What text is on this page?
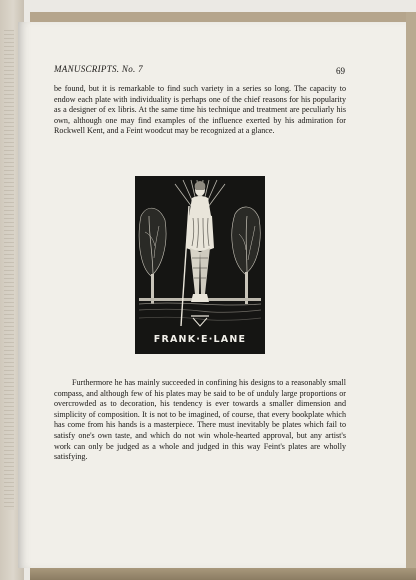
MANUSCRIPTS. No. 7	69

be found, but it is remarkable to find such variety in a series so long. The capacity to endow each plate with individuality is perhaps one of the chief reasons for his popularity as a designer of ex libris. At the same time his technique and treatment are peculiarly his own, although one may find examples of the influence exerted by his admiration for Rockwell Kent, and a Feint woodcut may be recognized at a glance.

FRANK·E·LANE

Furthermore he has mainly succeeded in confining his designs to a reasonably small compass, and although few of his plates may be said to be of unduly large proportions or overcrowded as to decoration, his tendency is ever towards a smaller dimension and simplicity of composition. It is not to be imagined, of course, that every bookplate which has come from his hands is a masterpiece. There must inevitably be plates which fail to satisfy one's own taste, and which do not win whole-hearted approval, but any artist's work can only be judged as a whole and judged in this way Feint's plates are wholly satisfying.
